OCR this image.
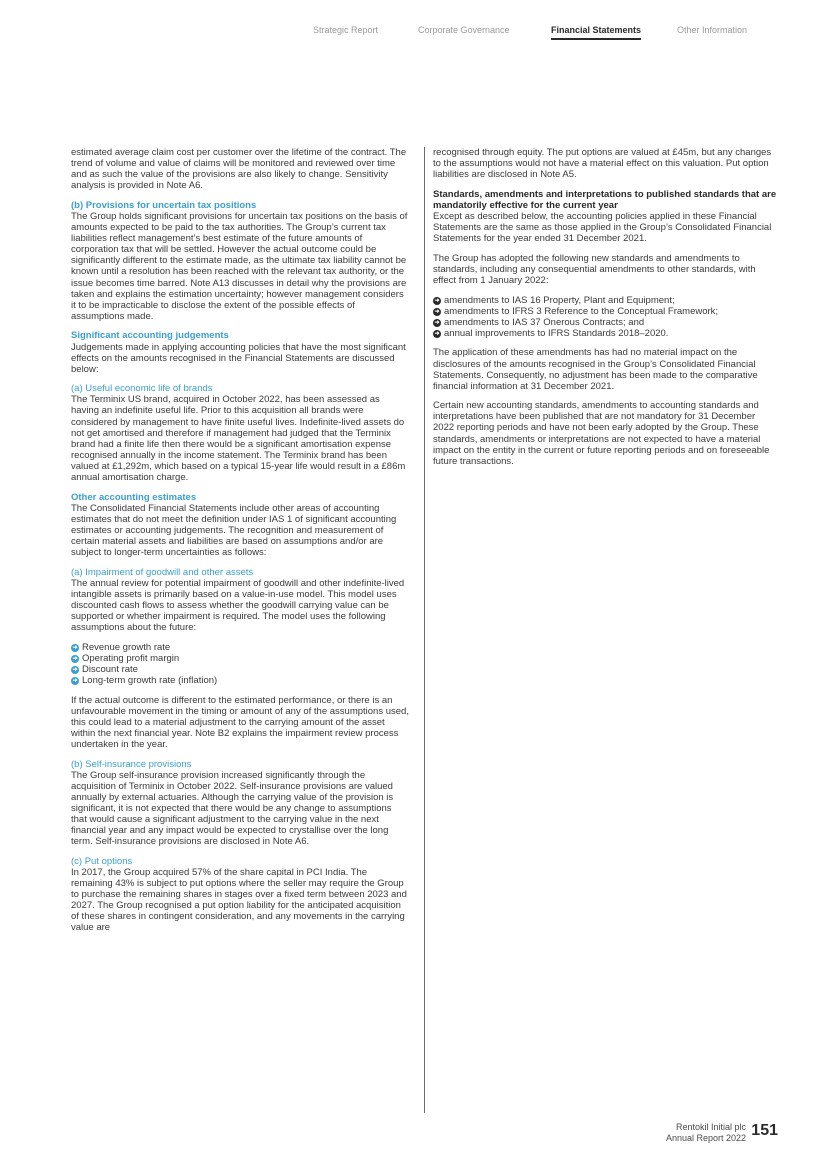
Strategic Report	Corporate Governance	Financial Statements	Other Information

estimated average claim cost per customer over the lifetime of the contract. The trend of volume and value of claims will be monitored and reviewed over time and as such the value of the provisions are also likely to change. Sensitivity analysis is provided in Note A6.

(b) Provisions for uncertain tax positions

The Group holds significant provisions for uncertain tax positions on the basis of amounts expected to be paid to the tax authorities. The Group’s current tax liabilities reflect management’s best estimate of the future amounts of corporation tax that will be settled. However the actual outcome could be significantly different to the estimate made, as the ultimate tax liability cannot be known until a resolution has been reached with the relevant tax authority, or the issue becomes time barred. Note A13 discusses in detail why the provisions are taken and explains the estimation uncertainty; however management considers it to be impracticable to disclose the extent of the possible effects of assumptions made.

Significant accounting judgements

Judgements made in applying accounting policies that have the most significant effects on the amounts recognised in the Financial Statements are discussed below:

(a) Useful economic life of brands

The Terminix US brand, acquired in October 2022, has been assessed as having an indefinite useful life. Prior to this acquisition all brands were considered by management to have finite useful lives. Indefinite-lived assets do not get amortised and therefore if management had judged that the Terminix brand had a finite life then there would be a significant amortisation expense recognised annually in the income statement. The Terminix brand has been valued at £1,292m, which based on a typical 15-year life would result in a £86m annual amortisation charge.

Other accounting estimates

The Consolidated Financial Statements include other areas of accounting estimates that do not meet the definition under IAS 1 of significant accounting estimates or accounting judgements. The recognition and measurement of certain material assets and liabilities are based on assumptions and/or are subject to longer-term uncertainties as follows:

(a) Impairment of goodwill and other assets

The annual review for potential impairment of goodwill and other indefinite-lived intangible assets is primarily based on a value-in-use model. This model uses discounted cash flows to assess whether the goodwill carrying value can be supported or whether impairment is required. The model uses the following assumptions about the future:

➜ Revenue growth rate
➜ Operating profit margin
➜ Discount rate
➜ Long-term growth rate (inflation)

If the actual outcome is different to the estimated performance, or there is an unfavourable movement in the timing or amount of any of the assumptions used, this could lead to a material adjustment to the carrying amount of the asset within the next financial year. Note B2 explains the impairment review process undertaken in the year.

(b) Self-insurance provisions

The Group self-insurance provision increased significantly through the acquisition of Terminix in October 2022. Self-insurance provisions are valued annually by external actuaries. Although the carrying value of the provision is significant, it is not expected that there would be any change to assumptions that would cause a significant adjustment to the carrying value in the next financial year and any impact would be expected to crystallise over the long term. Self-insurance provisions are disclosed in Note A6.

(c) Put options

In 2017, the Group acquired 57% of the share capital in PCI India. The remaining 43% is subject to put options where the seller may require the Group to purchase the remaining shares in stages over a fixed term between 2023 and 2027. The Group recognised a put option liability for the anticipated acquisition of these shares in contingent consideration, and any movements in the carrying value are

recognised through equity. The put options are valued at £45m, but any changes to the assumptions would not have a material effect on this valuation. Put option liabilities are disclosed in Note A5.

Standards, amendments and interpretations to published standards that are mandatorily effective for the current year

Except as described below, the accounting policies applied in these Financial Statements are the same as those applied in the Group’s Consolidated Financial Statements for the year ended 31 December 2021.

The Group has adopted the following new standards and amendments to standards, including any consequential amendments to other standards, with effect from 1 January 2022:

➜ amendments to IAS 16 Property, Plant and Equipment;
➜ amendments to IFRS 3 Reference to the Conceptual Framework;
➜ amendments to IAS 37 Onerous Contracts; and
➜ annual improvements to IFRS Standards 2018–2020.

The application of these amendments has had no material impact on the disclosures of the amounts recognised in the Group’s Consolidated Financial Statements. Consequently, no adjustment has been made to the comparative financial information at 31 December 2021.

Certain new accounting standards, amendments to accounting standards and interpretations have been published that are not mandatory for 31 December 2022 reporting periods and have not been early adopted by the Group. These standards, amendments or interpretations are not expected to have a material impact on the entity in the current or future reporting periods and on foreseeable future transactions.

Rentokil Initial plc
Annual Report 2022 151
